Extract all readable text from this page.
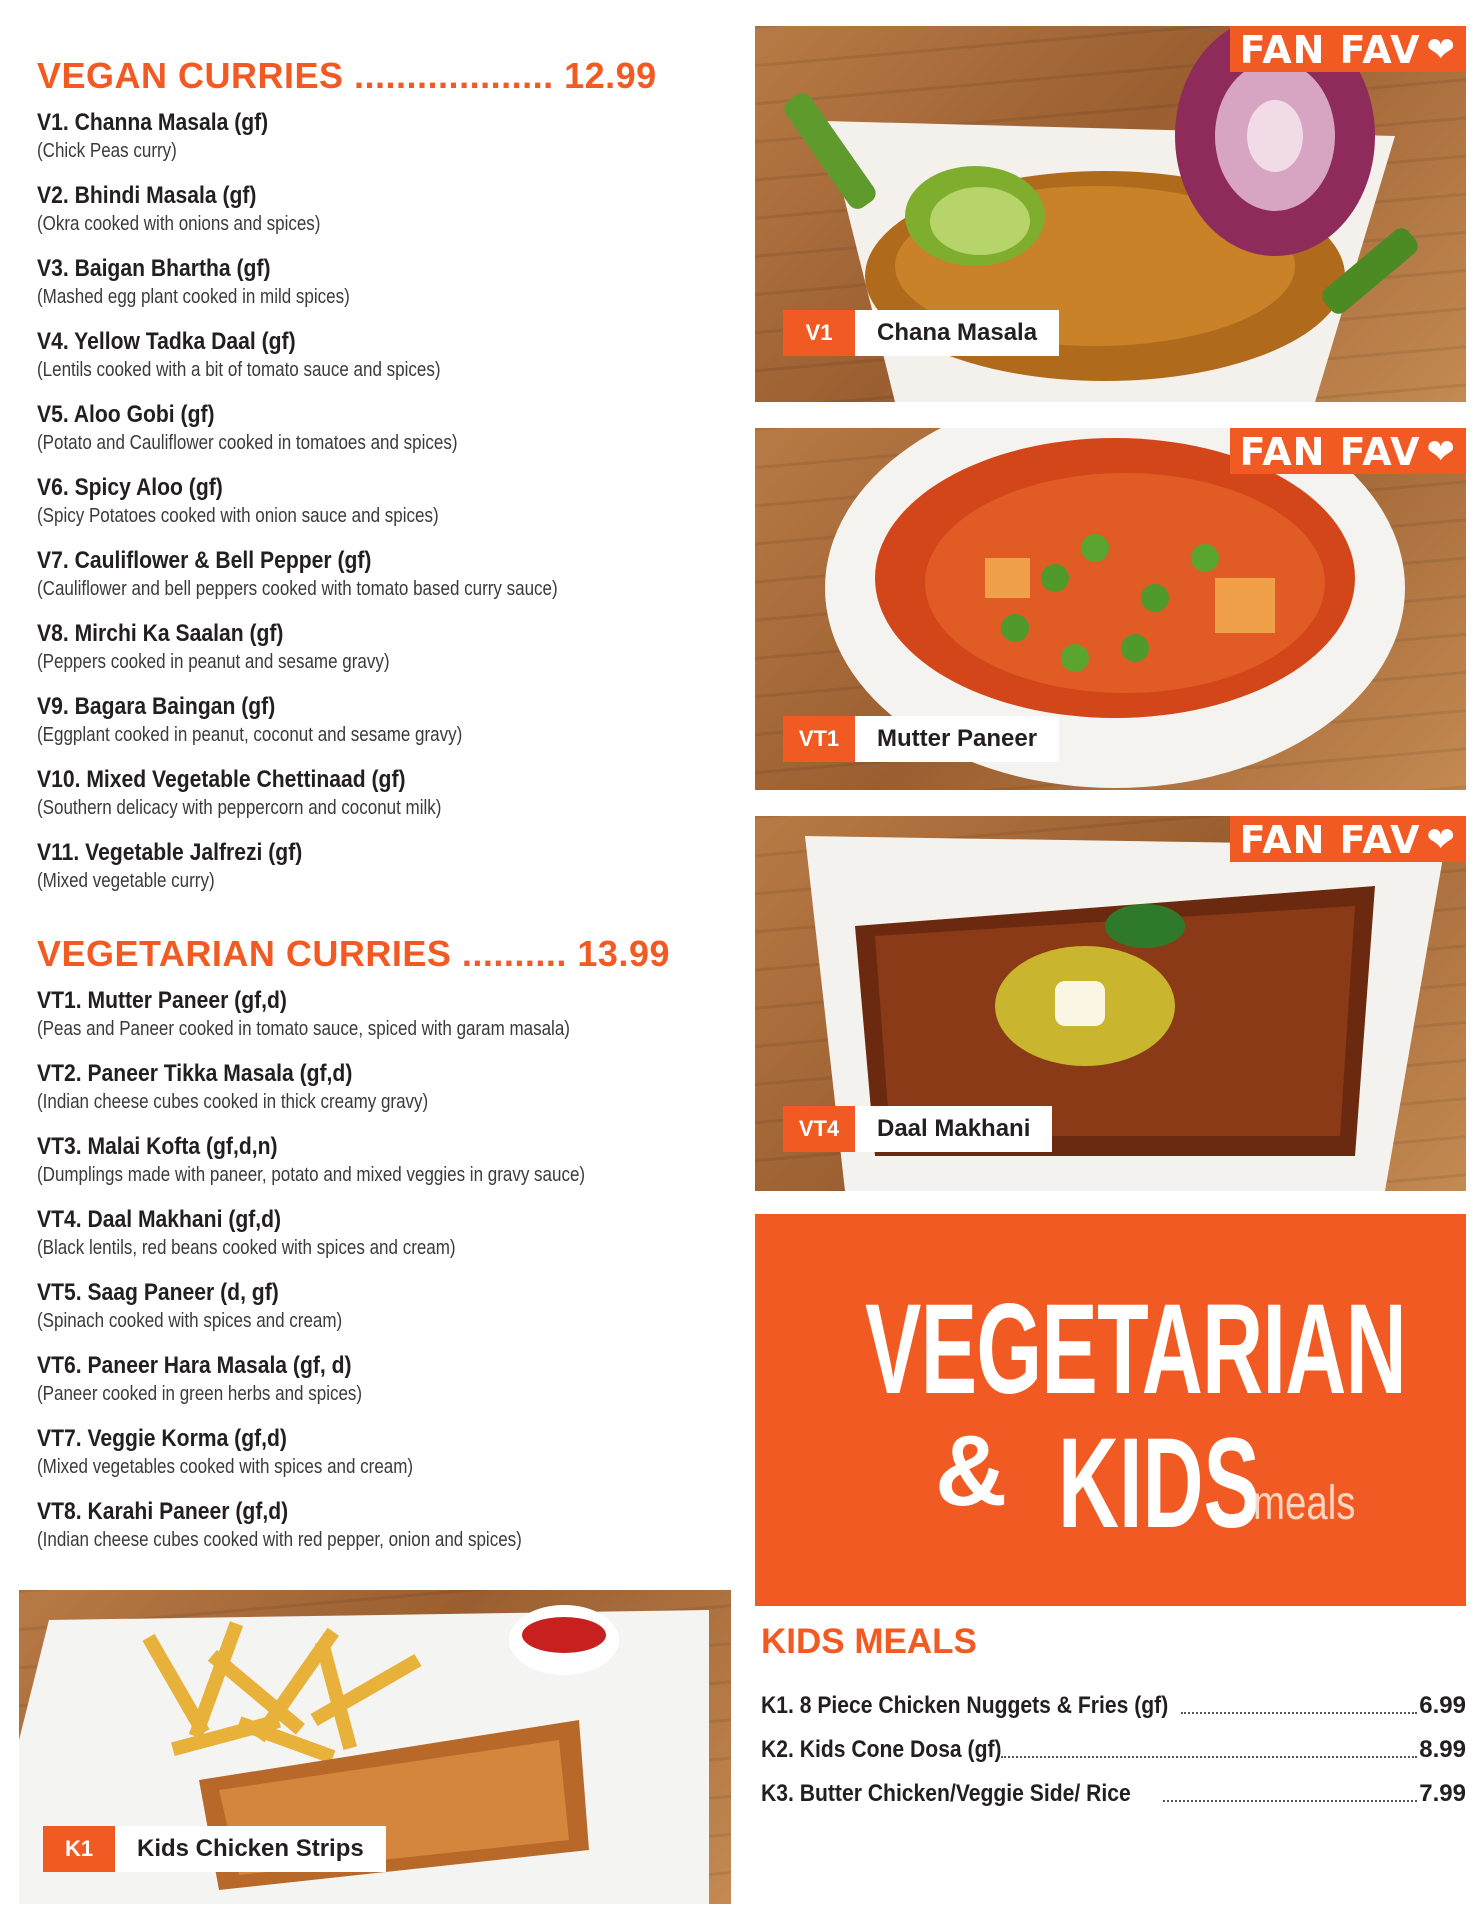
VEGAN CURRIES ................... 12.99
V1. Channa Masala (gf)
(Chick Peas curry)
V2. Bhindi Masala (gf)
(Okra cooked with onions and spices)
V3. Baigan Bhartha (gf)
(Mashed egg plant cooked in mild spices)
V4. Yellow Tadka Daal (gf)
(Lentils cooked with a bit of tomato sauce and spices)
V5. Aloo Gobi (gf)
(Potato and Cauliflower cooked in tomatoes and spices)
V6. Spicy Aloo (gf)
(Spicy Potatoes cooked with onion sauce and spices)
V7. Cauliflower & Bell Pepper (gf)
(Cauliflower and bell peppers cooked with tomato based curry sauce)
V8. Mirchi Ka Saalan (gf)
(Peppers cooked in peanut and sesame gravy)
V9. Bagara Baingan (gf)
(Eggplant cooked in peanut, coconut and sesame gravy)
V10. Mixed Vegetable Chettinaad (gf)
(Southern delicacy with peppercorn and coconut milk)
V11. Vegetable Jalfrezi (gf)
(Mixed vegetable curry)
VEGETARIAN CURRIES .......... 13.99
VT1. Mutter Paneer (gf,d)
(Peas and Paneer cooked in tomato sauce, spiced with garam masala)
VT2. Paneer Tikka Masala (gf,d)
(Indian cheese cubes cooked in thick creamy gravy)
VT3. Malai Kofta (gf,d,n)
(Dumplings made with paneer, potato and mixed veggies in gravy sauce)
VT4. Daal Makhani (gf,d)
(Black lentils, red beans cooked with spices and cream)
VT5. Saag Paneer (d, gf)
(Spinach cooked with spices and cream)
VT6. Paneer Hara Masala (gf, d)
(Paneer cooked in green herbs and spices)
VT7. Veggie Korma (gf,d)
(Mixed vegetables cooked with spices and cream)
VT8. Karahi Paneer (gf,d)
(Indian cheese cubes cooked with red pepper, onion and spices)
FAN FAV ❤
V1	Chana Masala
FAN FAV ❤
VT1	Mutter Paneer
FAN FAV ❤
VT4	Daal Makhani
K1	Kids Chicken Strips
VEGETARIAN
& KIDS
meals
KIDS MEALS
K1. 8 Piece Chicken Nuggets & Fries (gf)	6.99
K2. Kids Cone Dosa (gf)	8.99
K3. Butter Chicken/Veggie Side/ Rice	7.99
